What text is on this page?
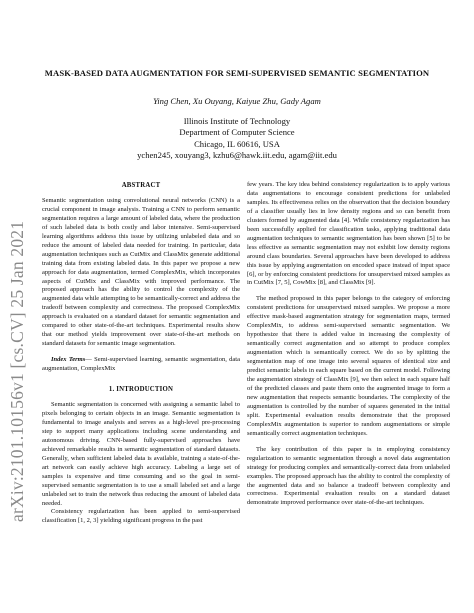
arXiv:2101.10156v1 [cs.CV] 25 Jan 2021
MASK-BASED DATA AUGMENTATION FOR SEMI-SUPERVISED SEMANTIC SEGMENTATION
Ying Chen, Xu Ouyang, Kaiyue Zhu, Gady Agam
Illinois Institute of Technology
Department of Computer Science
Chicago, IL 60616, USA
ychen245, xouyang3, kzhu6@hawk.iit.edu, agam@iit.edu
ABSTRACT

Semantic segmentation using convolutional neural networks (CNN) is a crucial component in image analysis. Training a CNN to perform semantic segmentation requires a large amount of labeled data, where the production of such labeled data is both costly and labor intensive. Semi-supervised learning algorithms address this issue by utilizing unlabeled data and so reduce the amount of labeled data needed for training. In particular, data augmentation techniques such as CutMix and ClassMix generate additional training data from existing labeled data. In this paper we propose a new approach for data augmentation, termed ComplexMix, which incorporates aspects of CutMix and ClassMix with improved performance. The proposed approach has the ability to control the complexity of the augmented data while attempting to be semantically-correct and address the tradeoff between complexity and correctness. The proposed ComplexMix approach is evaluated on a standard dataset for semantic segmentation and compared to other state-of-the-art techniques. Experimental results show that our method yields improvement over state-of-the-art methods on standard datasets for semantic image segmentation.

Index Terms— Semi-supervised learning, semantic segmentation, data augmentation, ComplexMix

1. INTRODUCTION

Semantic segmentation is concerned with assigning a semantic label to pixels belonging to certain objects in an image. Semantic segmentation is fundamental to image analysis and serves as a high-level pre-processing step to support many applications including scene understanding and autonomous driving. CNN-based fully-supervised approaches have achieved remarkable results in semantic segmentation of standard datasets. Generally, when sufficient labeled data is available, training a state-of-the-art network can easily achieve high accuracy. Labeling a large set of samples is expensive and time consuming and so the goal in semi-supervised semantic segmentation is to use a small labeled set and a large unlabeled set to train the network thus reducing the amount of labeled data needed.

Consistency regularization has been applied to semi-supervised classification [1, 2, 3] yielding significant progress in the past

few years. The key idea behind consistency regularization is to apply various data augmentations to encourage consistent predictions for unlabeled samples. Its effectiveness relies on the observation that the decision boundary of a classifier usually lies in low density regions and so can benefit from clusters formed by augmented data [4]. While consistency regularization has been successfully applied for classification tasks, applying traditional data augmentation techniques to semantic segmentation has been shown [5] to be less effective as semantic segmentation may not exhibit low density regions around class boundaries. Several approaches have been developed to address this issue by applying augmentation on encoded space instead of input space [6], or by enforcing consistent predictions for unsupervised mixed samples as in CutMix [7, 5], CowMix [8], and ClassMix [9].

The method proposed in this paper belongs to the category of enforcing consistent predictions for unsupervised mixed samples. We propose a more effective mask-based augmentation strategy for segmentation maps, termed ComplexMix, to address semi-supervised semantic segmentation. We hypothesize that there is added value in increasing the complexity of semantically correct augmentation and so attempt to produce complex augmentation which is semantically correct. We do so by splitting the segmentation map of one image into several squares of identical size and predict semantic labels in each square based on the current model. Following the augmentation strategy of ClassMix [9], we then select in each square half of the predicted classes and paste them onto the augmented image to form a new augmentation that respects semantic boundaries. The complexity of the augmentation is controlled by the number of squares generated in the initial split. Experimental evaluation results demonstrate that the proposed ComplexMix augmentation is superior to random augmentations or simple semantically correct augmentation techniques.

The key contribution of this paper is in employing consistency regularization to semantic segmentation through a novel data augmentation strategy for producing complex and semantically-correct data from unlabeled examples. The proposed approach has the ability to control the complexity of the augmented data and so balance a tradeoff between complexity and correctness. Experimental evaluation results on a standard dataset demonstrate improved performance over state-of-the-art techniques.
